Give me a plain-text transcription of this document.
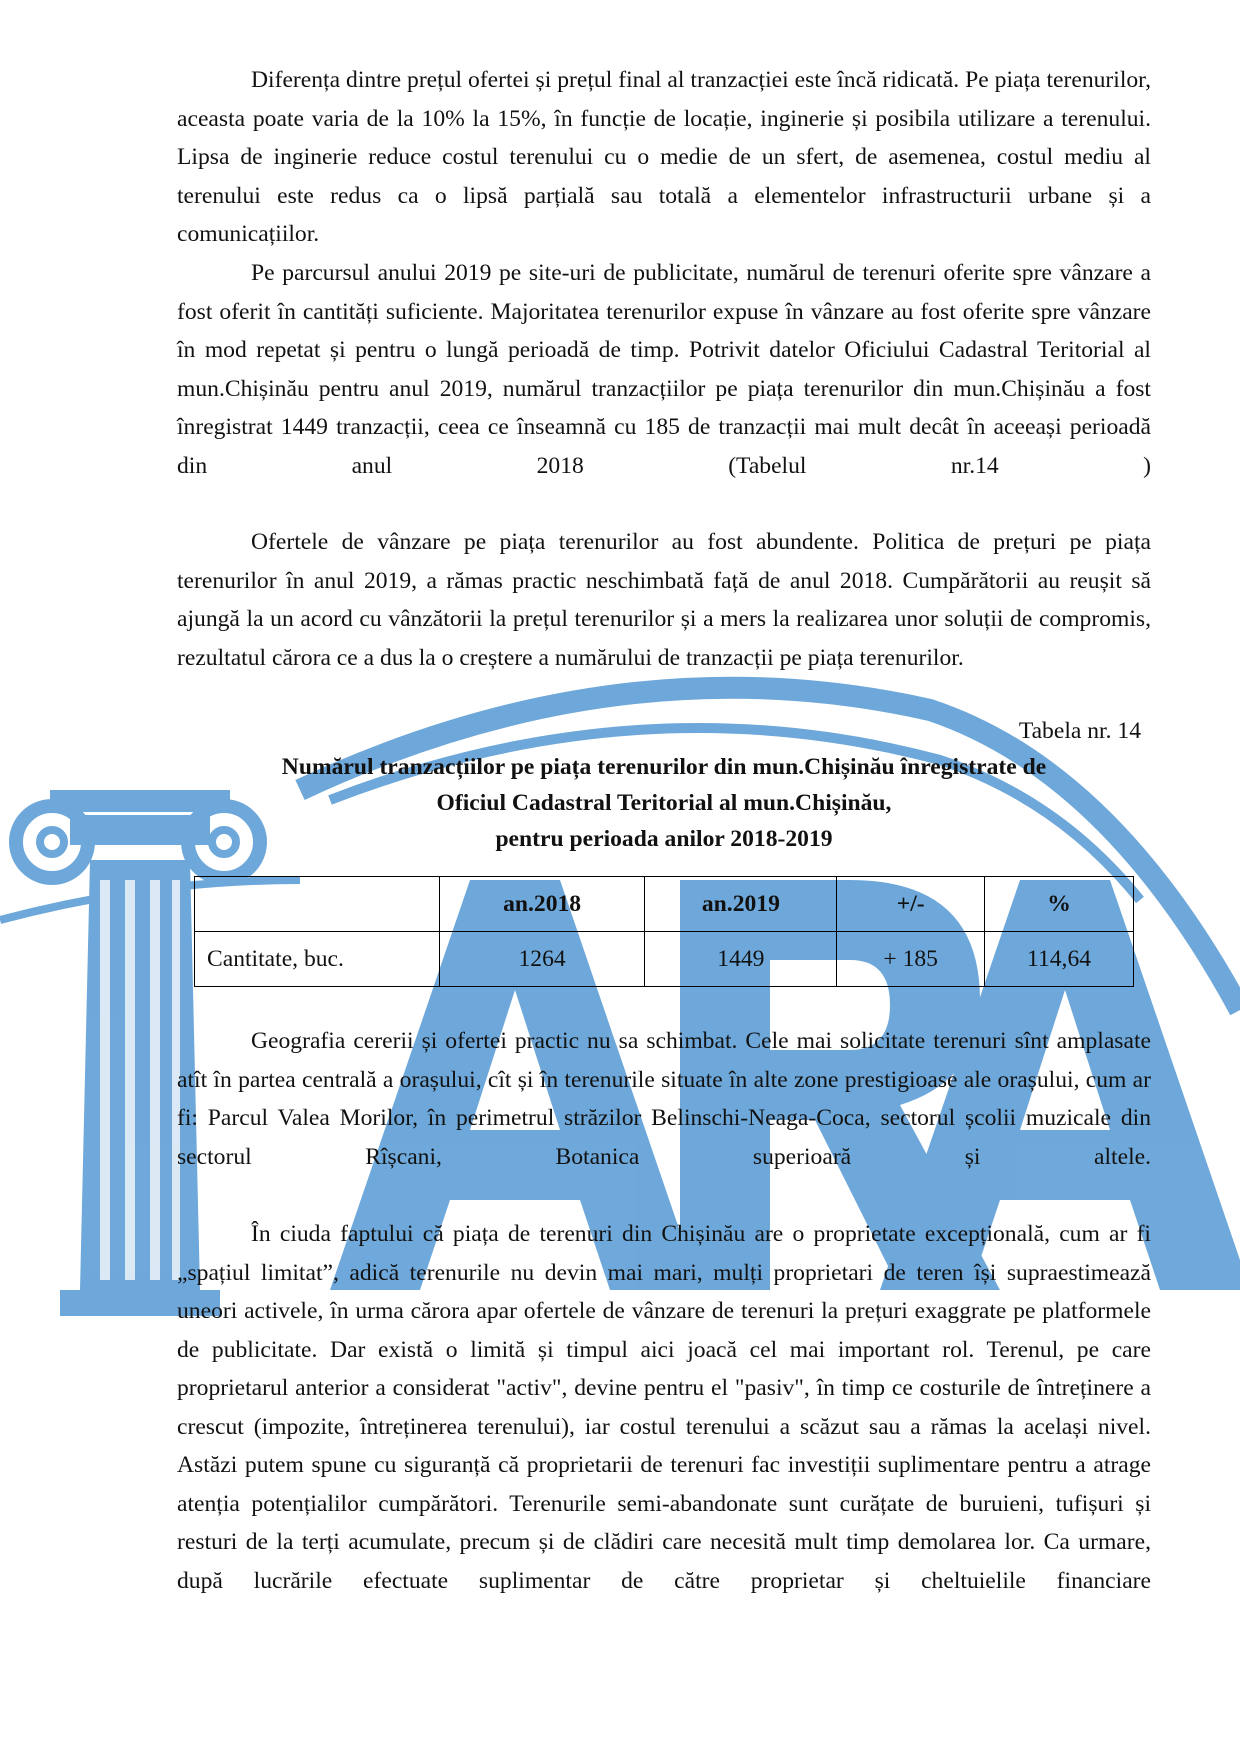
Diferența dintre prețul ofertei și prețul final al tranzacției este încă ridicată. Pe piața terenurilor, aceasta poate varia de la 10% la 15%, în funcție de locație, inginerie și posibila utilizare a terenului. Lipsa de inginerie reduce costul terenului cu o medie de un sfert, de asemenea, costul mediu al terenului este redus ca o lipsă parțială sau totală a elementelor infrastructurii urbane și a comunicațiilor.

Pe parcursul anului 2019 pe site-uri de publicitate, numărul de terenuri oferite spre vânzare a fost oferit în cantități suficiente. Majoritatea terenurilor expuse în vânzare au fost oferite spre vânzare în mod repetat și pentru o lungă perioadă de timp. Potrivit datelor Oficiului Cadastral Teritorial al mun.Chișinău pentru anul 2019, numărul tranzacțiilor pe piața terenurilor din mun.Chișinău a fost înregistrat 1449 tranzacții, ceea ce înseamnă cu 185 de tranzacții mai mult decât în aceeași perioadă din anul 2018 (Tabelul nr.14 )

Ofertele de vânzare pe piața terenurilor au fost abundente. Politica de prețuri pe piața terenurilor în anul 2019, a rămas practic neschimbată față de anul 2018. Cumpărătorii au reușit să ajungă la un acord cu vânzătorii la prețul terenurilor și a mers la realizarea unor soluții de compromis, rezultatul cărora ce a dus la o creștere a numărului de tranzacții pe piața terenurilor.

Tabela nr. 14

Numărul tranzacțiilor pe piața terenurilor din mun.Chișinău înregistrate de
Oficiul Cadastral Teritorial al mun.Chișinău,
pentru perioada anilor 2018-2019
	an.2018	an.2019	+/-	%
Cantitate, buc.	1264	1449	+ 185	114,64

Geografia cererii și ofertei practic nu sa schimbat. Cele mai solicitate terenuri sînt amplasate atît în partea centrală a orașului, cît și în terenurile situate în alte zone prestigioase ale orașului, cum ar fi: Parcul Valea Morilor, în perimetrul străzilor Belinschi-Neaga-Coca, sectorul școlii muzicale din sectorul Rîșcani, Botanica superioară și altele.

În ciuda faptului că piața de terenuri din Chișinău are o proprietate excepțională, cum ar fi „spațiul limitat”, adică terenurile nu devin mai mari, mulți proprietari de teren își supraestimează uneori activele, în urma cărora apar ofertele de vânzare de terenuri la prețuri exaggrate pe platformele de publicitate. Dar există o limită și timpul aici joacă cel mai important rol. Terenul, pe care proprietarul anterior a considerat "activ", devine pentru el "pasiv", în timp ce costurile de întreținere a crescut (impozite, întreținerea terenului), iar costul terenului a scăzut sau a rămas la același nivel. Astăzi putem spune cu siguranță că proprietarii de terenuri fac investiții suplimentare pentru a atrage atenția potențialilor cumpărători. Terenurile semi-abandonate sunt curățate de buruieni, tufișuri și resturi de la terți acumulate, precum și de clădiri care necesită mult timp demolarea lor. Ca urmare, după lucrările efectuate suplimentar de către proprietar și cheltuielile financiare
